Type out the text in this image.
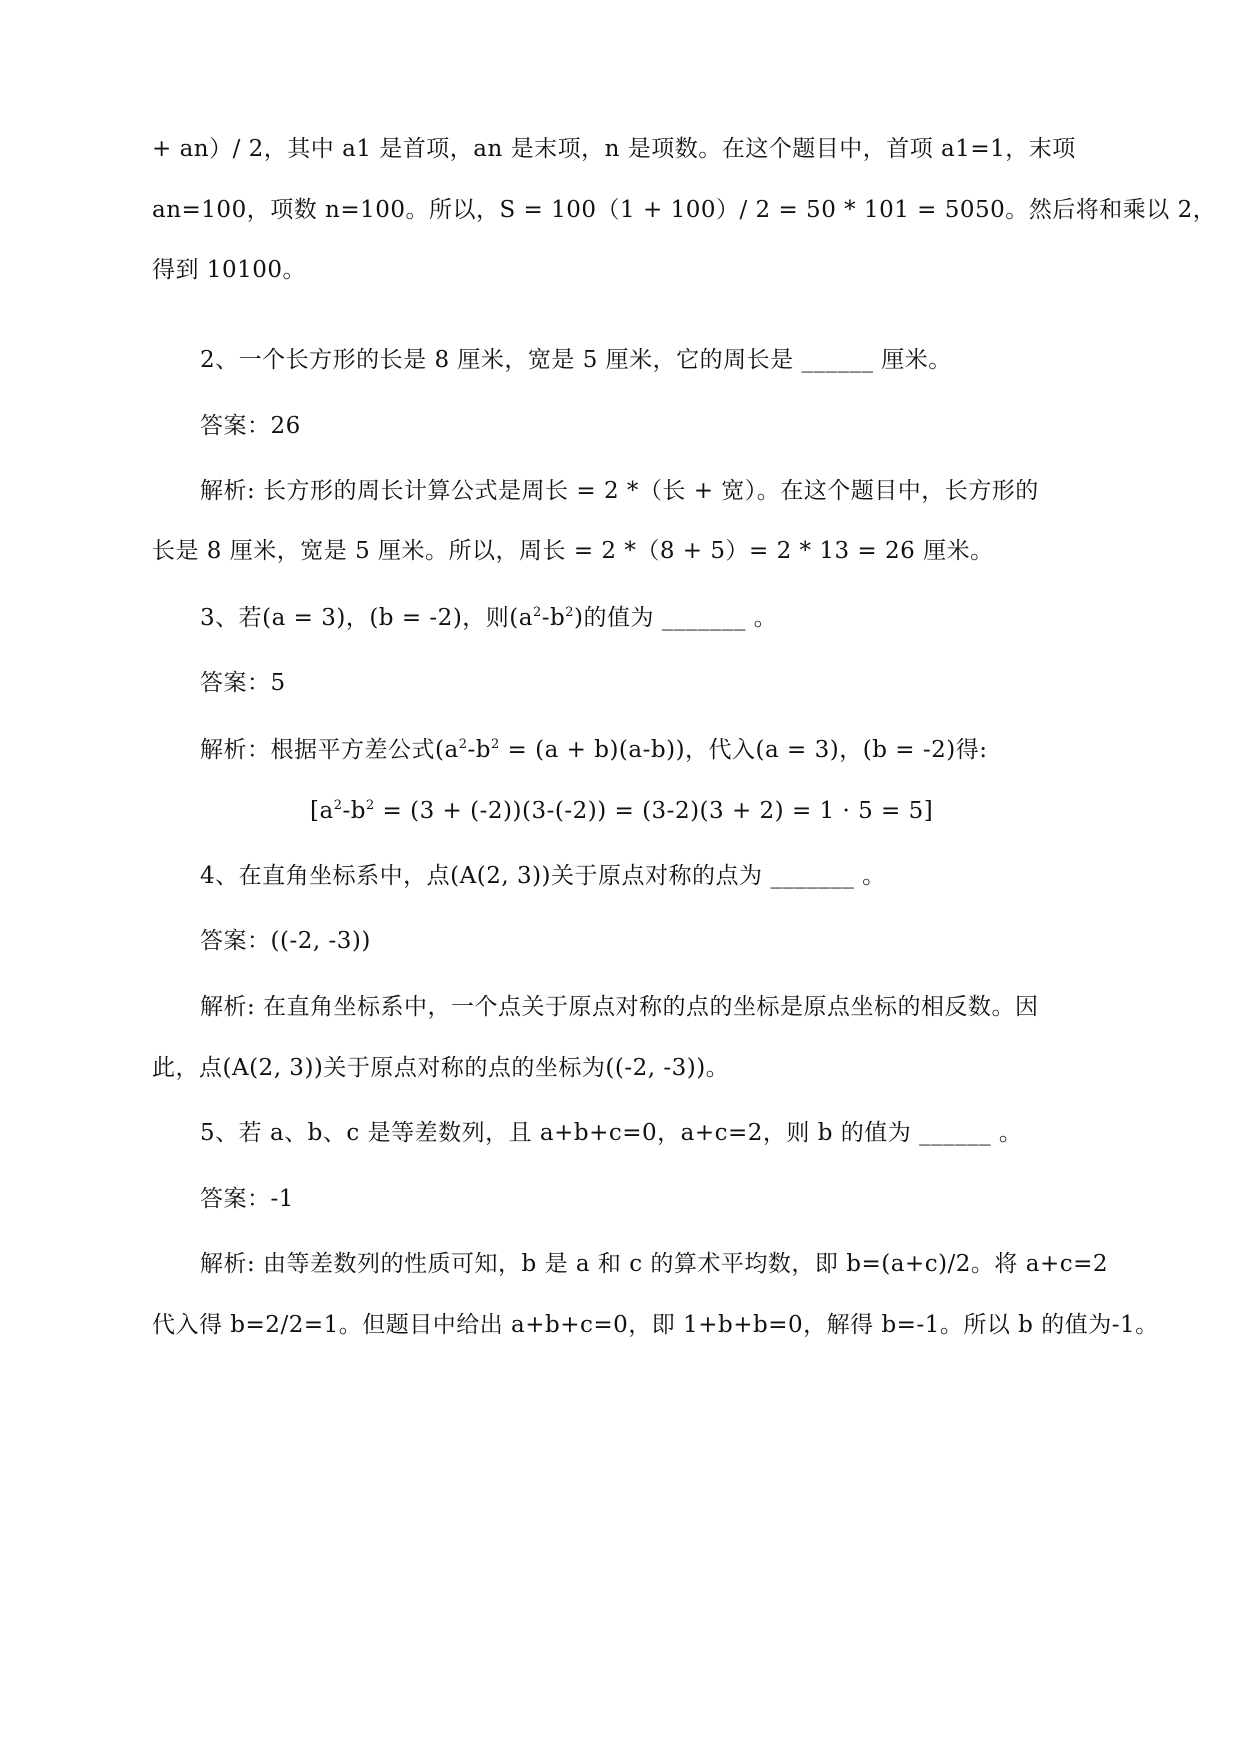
+ an）/ 2，其中 a1 是首项，an 是末项，n 是项数。在这个题目中，首项 a1=1，末项
an=100，项数 n=100。所以，S = 100（1 + 100）/ 2 = 50 * 101 = 5050。然后将和乘以 2，
得到 10100。
2、一个长方形的长是 8 厘米，宽是 5 厘米，它的周长是 ______ 厘米。
答案：26
解析: 长方形的周长计算公式是周长 = 2 *（长 + 宽）。在这个题目中，长方形的
长是 8 厘米，宽是 5 厘米。所以，周长 = 2 *（8 + 5）= 2 * 13 = 26 厘米。
3、若(a = 3)，(b = -2)，则$(a^2-b^2)$的值为 _______ 。
答案：5
解析：根据平方差公式$(a^2-b^2 = (a + b)(a-b))$，代入(a = 3)，(b = -2)得:
$[a^2-b^2 = (3 + (-2))(3-(-2)) = (3-2)(3 + 2) = 1 \cdot 5 = 5]$
4、在直角坐标系中，点(A(2, 3))关于原点对称的点为 _______ 。
答案：((-2, -3))
解析: 在直角坐标系中，一个点关于原点对称的点的坐标是原点坐标的相反数。因
此，点(A(2, 3))关于原点对称的点的坐标为((-2, -3))。
5、若 a、b、c 是等差数列，且 a+b+c=0，a+c=2，则 b 的值为 ______ 。
答案：-1
解析: 由等差数列的性质可知，b 是 a 和 c 的算术平均数，即 b=(a+c)/2。将 a+c=2
代入得 b=2/2=1。但题目中给出 a+b+c=0，即 1+b+b=0，解得 b=-1。所以 b 的值为-1。
